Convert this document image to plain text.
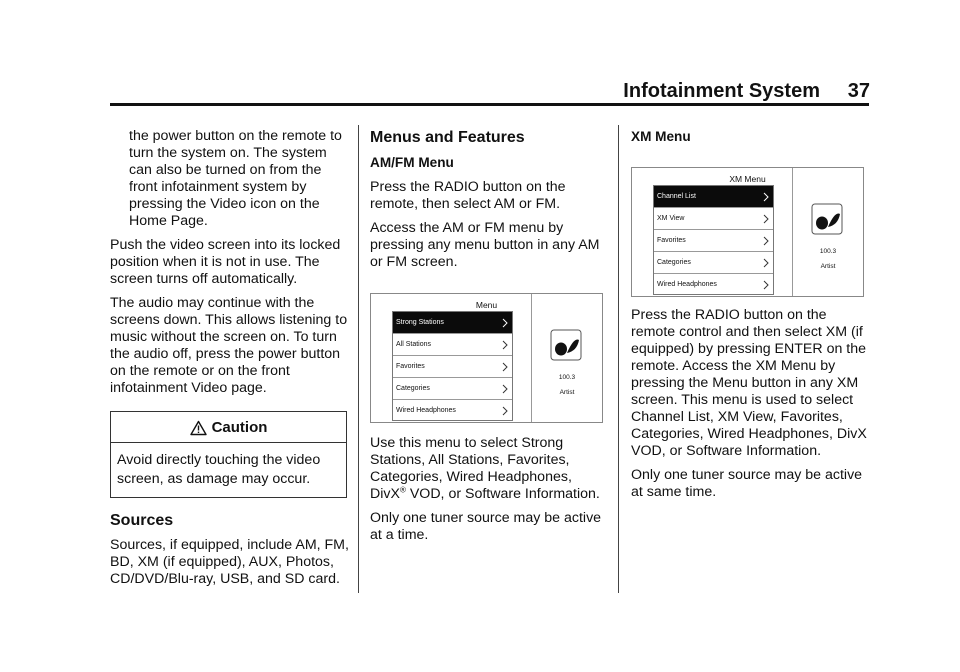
Infotainment System	37

the power button on the remote to turn the system on. The system can also be turned on from the front infotainment system by pressing the Video icon on the Home Page.

Push the video screen into its locked position when it is not in use. The screen turns off automatically.

The audio may continue with the screens down. This allows listening to music without the screen on. To turn the audio off, press the power button on the remote or on the front infotainment Video page.

Caution
Avoid directly touching the video screen, as damage may occur.
Sources

Sources, if equipped, include AM, FM, BD, XM (if equipped), AUX, Photos, CD/DVD/Blu-ray, USB, and SD card.

Menus and Features
AM/FM Menu

Press the RADIO button on the remote, then select AM or FM.

Access the AM or FM menu by pressing any menu button in any AM or FM screen.

Menu
Strong Stations
All Stations
Favorites
Categories
Wired Headphones
100.3
Artist

Use this menu to select Strong Stations, All Stations, Favorites, Categories, Wired Headphones, DivX® VOD, or Software Information.

Only one tuner source may be active at a time.

XM Menu
XM Menu
Channel List
XM View
Favorites
Categories
Wired Headphones
100.3
Artist

Press the RADIO button on the remote control and then select XM (if equipped) by pressing ENTER on the remote. Access the XM Menu by pressing the Menu button in any XM screen. This menu is used to select Channel List, XM View, Favorites, Categories, Wired Headphones, DivX VOD, or Software Information.

Only one tuner source may be active at same time.
